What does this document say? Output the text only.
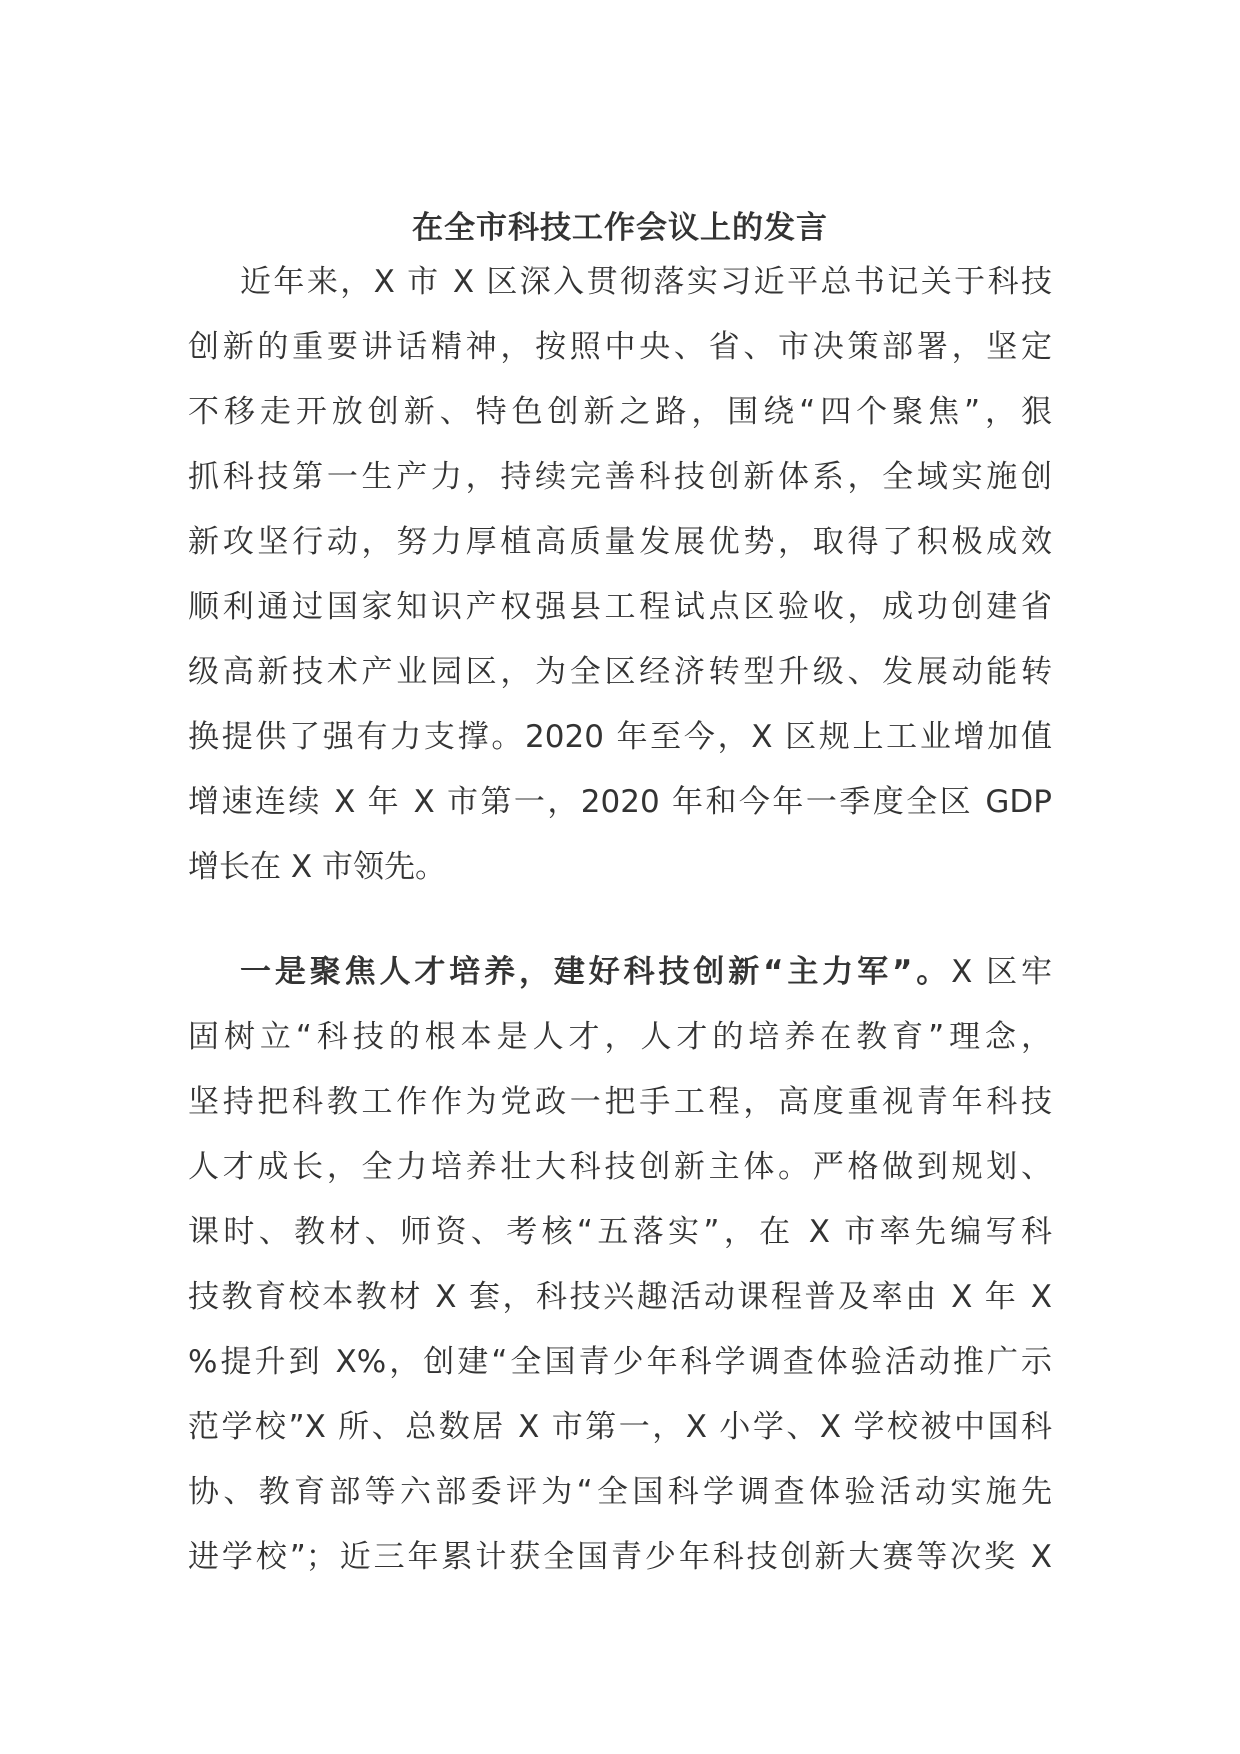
在全市科技工作会议上的发言
近年来，X 市 X 区深入贯彻落实习近平总书记关于科技
创新的重要讲话精神，按照中央、省、市决策部署，坚定
不移走开放创新、特色创新之路，围绕“四个聚焦”，狠
抓科技第一生产力，持续完善科技创新体系，全域实施创
新攻坚行动，努力厚植高质量发展优势，取得了积极成效
顺利通过国家知识产权强县工程试点区验收，成功创建省
级高新技术产业园区，为全区经济转型升级、发展动能转
换提供了强有力支撑。2020 年至今，X 区规上工业增加值
增速连续 X 年 X 市第一，2020 年和今年一季度全区 GDP
增长在 X 市领先。
一是聚焦人才培养，建好科技创新“主力军”。X 区牢
固树立“科技的根本是人才，人才的培养在教育”理念，
坚持把科教工作作为党政一把手工程，高度重视青年科技
人才成长，全力培养壮大科技创新主体。严格做到规划、
课时、教材、师资、考核“五落实”，在 X 市率先编写科
技教育校本教材 X 套，科技兴趣活动课程普及率由 X 年 X
%提升到 X%，创建“全国青少年科学调查体验活动推广示
范学校”X 所、总数居 X 市第一，X 小学、X 学校被中国科
协、教育部等六部委评为“全国科学调查体验活动实施先
进学校”；近三年累计获全国青少年科技创新大赛等次奖 X
